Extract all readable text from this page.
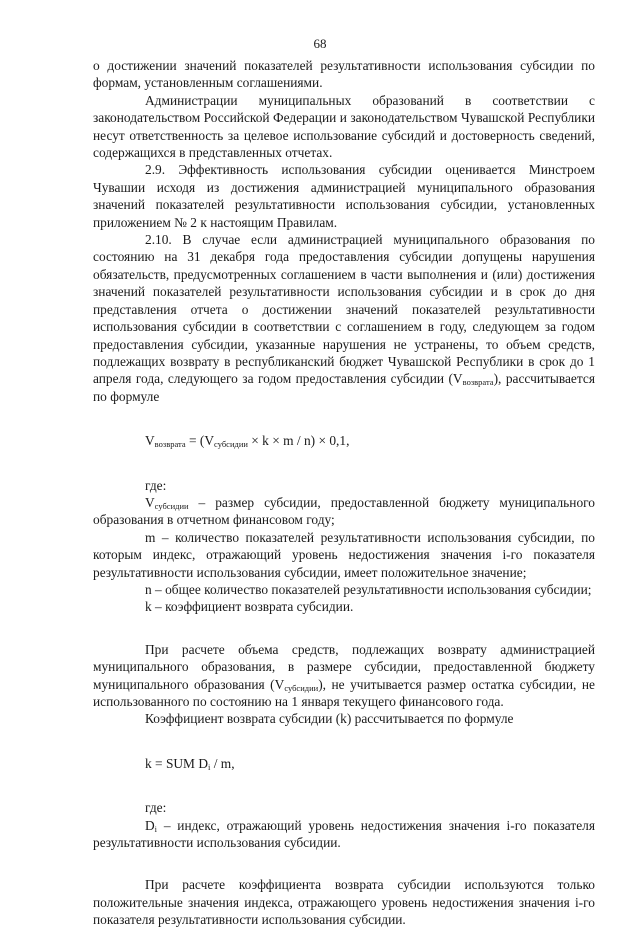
68

о достижении значений показателей результативности использования субсидии по формам, установленным соглашениями.

Администрации муниципальных образований в соответствии с законодательством Российской Федерации и законодательством Чувашской Республики несут ответственность за целевое использование субсидий и достоверность сведений, содержащихся в представленных отчетах.

2.9. Эффективность использования субсидии оценивается Минстроем Чувашии исходя из достижения администрацией муниципального образования значений показателей результативности использования субсидии, установленных приложением № 2 к настоящим Правилам.

2.10. В случае если администрацией муниципального образования по состоянию на 31 декабря года предоставления субсидии допущены нарушения обязательств, предусмотренных соглашением в части выполнения и (или) достижения значений показателей результативности использования субсидии и в срок до дня представления отчета о достижении значений показателей результативности использования субсидии в соответствии с соглашением в году, следующем за годом предоставления субсидии, указанные нарушения не устранены, то объем средств, подлежащих возврату в республиканский бюджет Чувашской Республики в срок до 1 апреля года, следующего за годом предоставления субсидии $(V_{возврата})$, рассчитывается по формуле

$V_{возврата} = (V_{субсидии} \times k \times m / n) \times 0,1$,

где:

$V_{субсидии}$ – размер субсидии, предоставленной бюджету муниципального образования в отчетном финансовом году;

m – количество показателей результативности использования субсидии, по которым индекс, отражающий уровень недостижения значения i-го показателя результативности использования субсидии, имеет положительное значение;

n – общее количество показателей результативности использования субсидии;

k – коэффициент возврата субсидии.

При расчете объема средств, подлежащих возврату администрацией муниципального образования, в размере субсидии, предоставленной бюджету муниципального образования $(V_{субсидии})$, не учитывается размер остатка субсидии, не использованного по состоянию на 1 января текущего финансового года.

Коэффициент возврата субсидии (k) рассчитывается по формуле

k = SUM $D_i$ / m,

где:

$D_i$ – индекс, отражающий уровень недостижения значения i-го показателя результативности использования субсидии.

При расчете коэффициента возврата субсидии используются только положительные значения индекса, отражающего уровень недостижения значения i-го показателя результативности использования субсидии.
